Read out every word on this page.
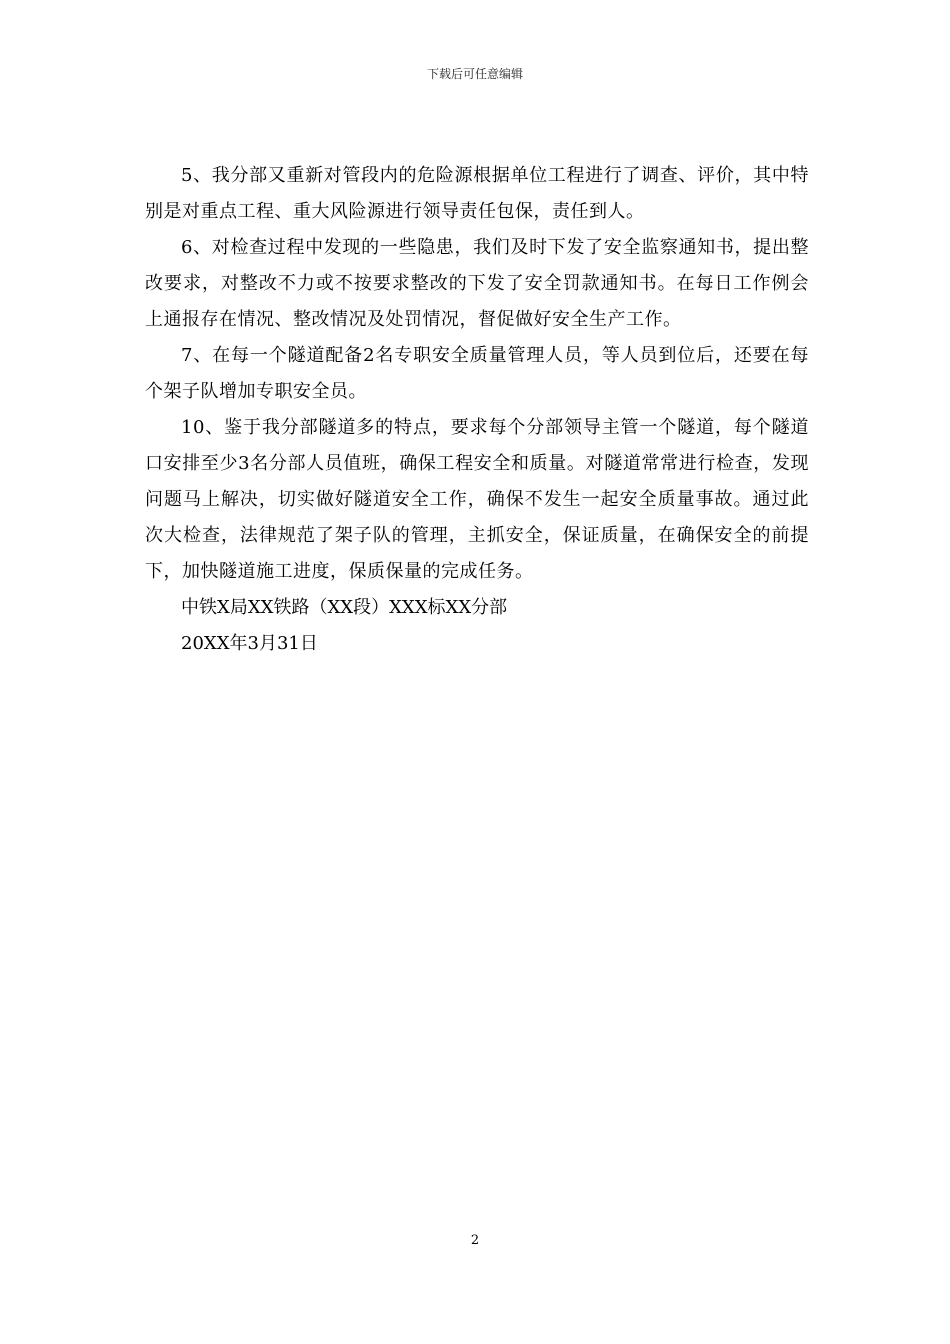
下载后可任意编辑

5、我分部又重新对管段内的危险源根据单位工程进行了调查、评价，其中特别是对重点工程、重大风险源进行领导责任包保，责任到人。

6、对检查过程中发现的一些隐患，我们及时下发了安全监察通知书，提出整改要求，对整改不力或不按要求整改的下发了安全罚款通知书。在每日工作例会上通报存在情况、整改情况及处罚情况，督促做好安全生产工作。

7、在每一个隧道配备2名专职安全质量管理人员，等人员到位后，还要在每个架子队增加专职安全员。

10、鉴于我分部隧道多的特点，要求每个分部领导主管一个隧道，每个隧道口安排至少3名分部人员值班，确保工程安全和质量。对隧道常常进行检查，发现问题马上解决，切实做好隧道安全工作，确保不发生一起安全质量事故。通过此次大检查，法律规范了架子队的管理，主抓安全，保证质量，在确保安全的前提下，加快隧道施工进度，保质保量的完成任务。

中铁X局XX铁路（XX段）XXX标XX分部

20XX年3月31日

2
